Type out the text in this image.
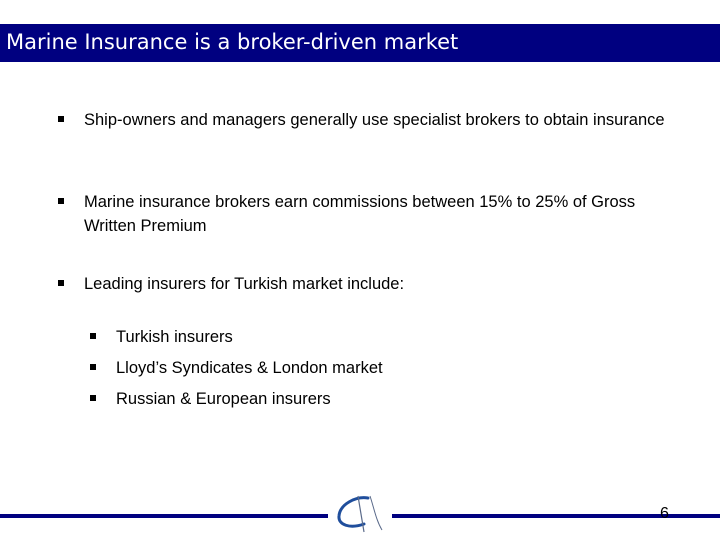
Marine Insurance is a broker-driven market
Ship-owners and managers generally use specialist brokers to obtain insurance
Marine insurance brokers earn commissions between 15% to 25% of Gross Written Premium
Leading insurers for Turkish market include:
Turkish insurers
Lloyd’s Syndicates & London market
Russian & European insurers
6
